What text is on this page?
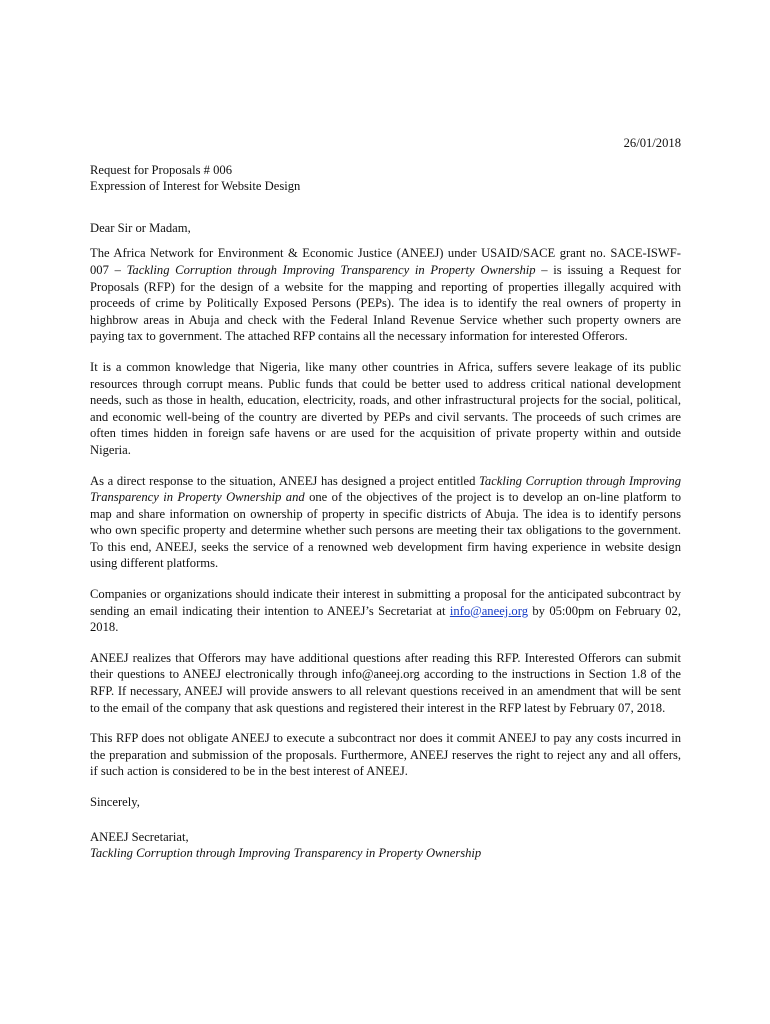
26/01/2018
Request for Proposals # 006
Expression of Interest for Website Design
Dear Sir or Madam,

The Africa Network for Environment & Economic Justice (ANEEJ) under USAID/SACE grant no. SACE-ISWF-007 – Tackling Corruption through Improving Transparency in Property Ownership – is issuing a Request for Proposals (RFP) for the design of a website for the mapping and reporting of properties illegally acquired with proceeds of crime by Politically Exposed Persons (PEPs). The idea is to identify the real owners of property in highbrow areas in Abuja and check with the Federal Inland Revenue Service whether such property owners are paying tax to government. The attached RFP contains all the necessary information for interested Offerors.

It is a common knowledge that Nigeria, like many other countries in Africa, suffers severe leakage of its public resources through corrupt means. Public funds that could be better used to address critical national development needs, such as those in health, education, electricity, roads, and other infrastructural projects for the social, political, and economic well-being of the country are diverted by PEPs and civil servants. The proceeds of such crimes are often times hidden in foreign safe havens or are used for the acquisition of private property within and outside Nigeria.

As a direct response to the situation, ANEEJ has designed a project entitled Tackling Corruption through Improving Transparency in Property Ownership and one of the objectives of the project is to develop an on-line platform to map and share information on ownership of property in specific districts of Abuja. The idea is to identify persons who own specific property and determine whether such persons are meeting their tax obligations to the government. To this end, ANEEJ, seeks the service of a renowned web development firm having experience in website design using different platforms.

Companies or organizations should indicate their interest in submitting a proposal for the anticipated subcontract by sending an email indicating their intention to ANEEJ’s Secretariat at info@aneej.org by 05:00pm on February 02, 2018.

ANEEJ realizes that Offerors may have additional questions after reading this RFP. Interested Offerors can submit their questions to ANEEJ electronically through info@aneej.org according to the instructions in Section 1.8 of the RFP. If necessary, ANEEJ will provide answers to all relevant questions received in an amendment that will be sent to the email of the company that ask questions and registered their interest in the RFP latest by February 07, 2018.

This RFP does not obligate ANEEJ to execute a subcontract nor does it commit ANEEJ to pay any costs incurred in the preparation and submission of the proposals. Furthermore, ANEEJ reserves the right to reject any and all offers, if such action is considered to be in the best interest of ANEEJ.

Sincerely,
ANEEJ Secretariat,
Tackling Corruption through Improving Transparency in Property Ownership
